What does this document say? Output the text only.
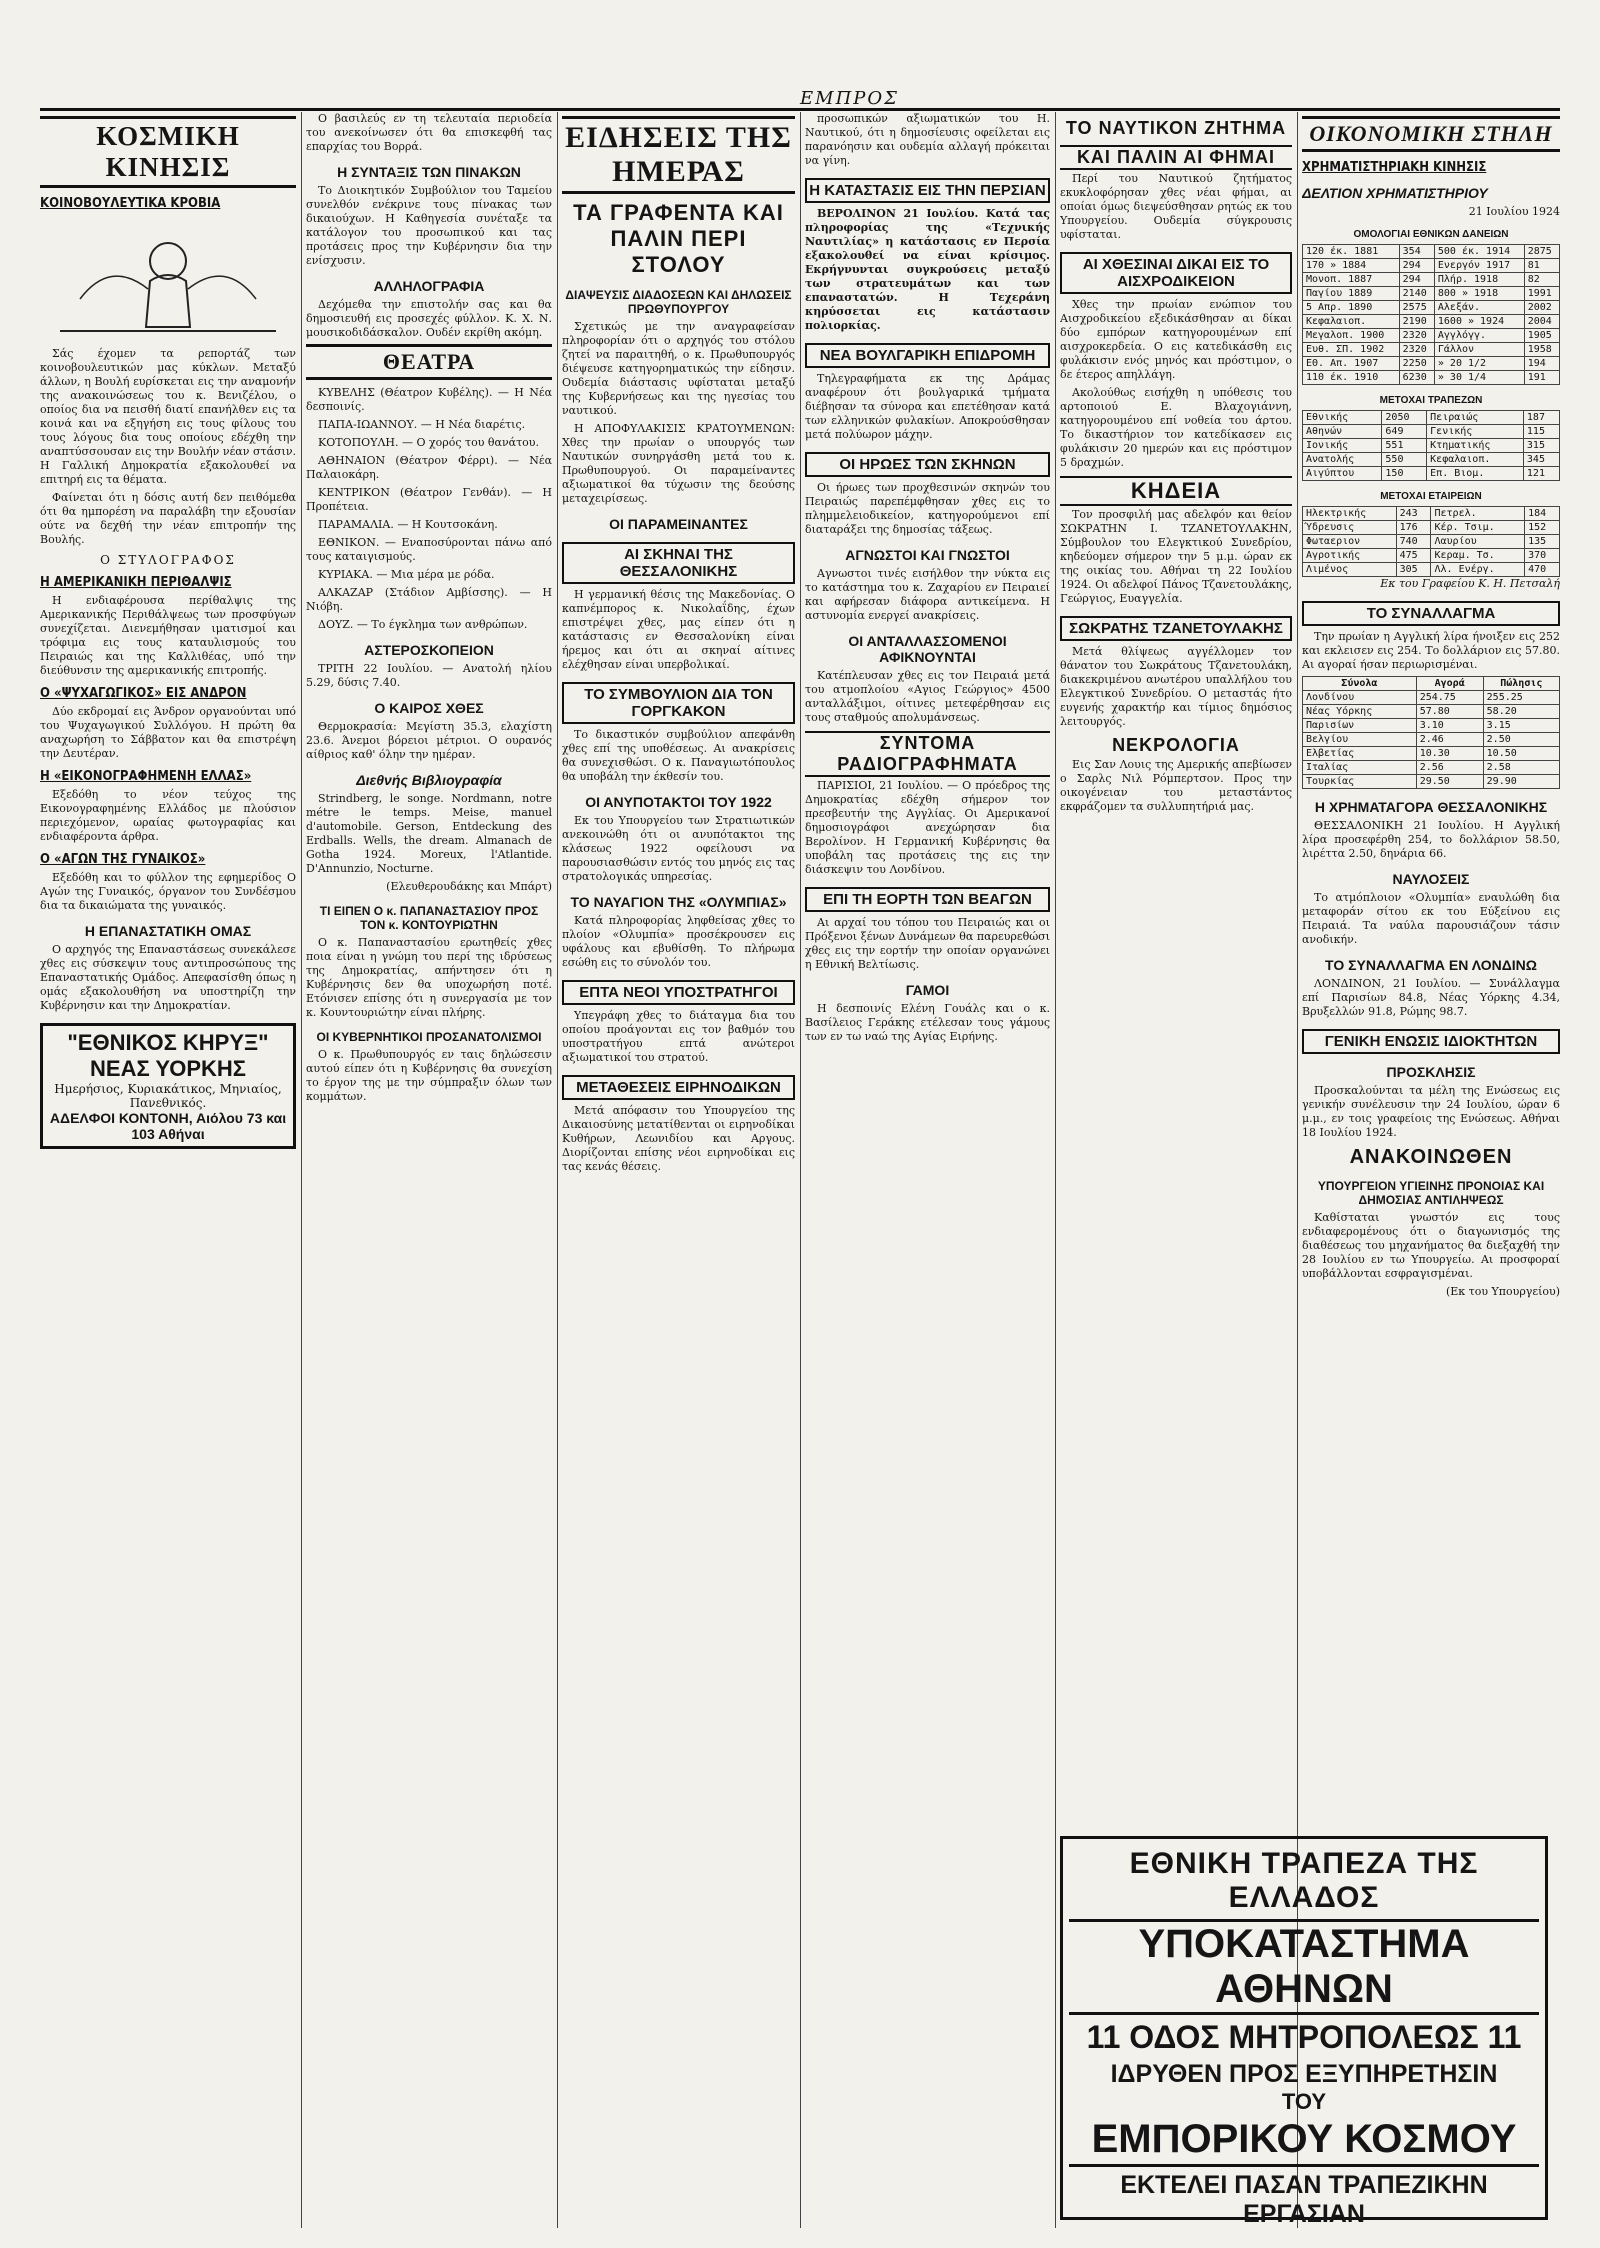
ΕΜΠΡΟΣ
ΚΟΣΜΙΚΗ ΚΙΝΗΣΙΣ
ΚΟΙΝΟΒΟΥΛΕΥΤΙΚΑ ΚΡΟΒΙΑ

Σάς έχομεν τα ρεπορτάζ των κοινοβουλευτικών μας κύκλων. Μεταξύ άλλων, η Βουλή ευρίσκεται εις την αναμονήν της ανακοινώσεως του κ. Βενιζέλου, ο οποίος δια να πεισθή διατί επανήλθεν εις τα κοινά και να εξηγήση εις τους φίλους του τους λόγους δια τους οποίους εδέχθη την αναπτύσσουσαν εις την Βουλήν νέαν στάσιν. Η Γαλλική Δημοκρατία εξακολουθεί να επιτηρή εις τα θέματα.

Φαίνεται ότι η δόσις αυτή δεν πειθόμεθα ότι θα ημπορέση να παραλάβη την εξουσίαν ούτε να δεχθή την νέαν επιτροπήν της Βουλής.

Ο ΣΤΥΛΟΓΡΑΦΟΣ
Η ΑΜΕΡΙΚΑΝΙΚΗ ΠΕΡΙΘΑΛΨΙΣ

Η ενδιαφέρουσα περίθαλψις της Αμερικανικής Περιθάλψεως των προσφύγων συνεχίζεται. Διενεμήθησαν ιματισμοί και τρόφιμα εις τους καταυλισμούς του Πειραιώς και της Καλλιθέας, υπό την διεύθυνσιν της αμερικανικής επιτροπής.

Ο «ΨΥΧΑΓΩΓΙΚΟΣ» ΕΙΣ ΑΝΔΡΟΝ

Δύο εκδρομαί εις Άνδρον οργανούνται υπό του Ψυχαγωγικού Συλλόγου. Η πρώτη θα αναχωρήση το Σάββατον και θα επιστρέψη την Δευτέραν.

Η «ΕΙΚΟΝΟΓΡΑΦΗΜΕΝΗ ΕΛΛΑΣ»

Εξεδόθη το νέον τεύχος της Εικονογραφημένης Ελλάδος με πλούσιον περιεχόμενον, ωραίας φωτογραφίας και ενδιαφέροντα άρθρα.

Ο «ΑΓΩΝ ΤΗΣ ΓΥΝΑΙΚΟΣ»

Εξεδόθη και το φύλλον της εφημερίδος Ο Αγών της Γυναικός, όργανον του Συνδέσμου δια τα δικαιώματα της γυναικός.

Η ΕΠΑΝΑΣΤΑΤΙΚΗ ΟΜΑΣ

Ο αρχηγός της Επαναστάσεως συνεκάλεσε χθες εις σύσκεψιν τους αντιπροσώπους της Επαναστατικής Ομάδος. Απεφασίσθη όπως η ομάς εξακολουθήση να υποστηρίζη την Κυβέρνησιν και την Δημοκρατίαν.

"ΕΘΝΙΚΟΣ ΚΗΡΥΞ" ΝΕΑΣ ΥΟΡΚΗΣ
Ημερήσιος, Κυριακάτικος, Μηνιαίος, Πανεθνικός.
ΑΔΕΛΦΟΙ ΚΟΝΤΟΝΗ, Αιόλου 73 και 103 Αθήναι

Ο βασιλεύς εν τη τελευταία περιοδεία του ανεκοίνωσεν ότι θα επισκεφθή τας επαρχίας του Βορρά.

Η ΣΥΝΤΑΞΙΣ ΤΩΝ ΠΙΝΑΚΩΝ

Το Διοικητικόν Συμβούλιον του Ταμείου συνελθόν ενέκρινε τους πίνακας των δικαιούχων. Η Καθηγεσία συνέταξε τα κατάλογον του προσωπικού και τας προτάσεις προς την Κυβέρνησιν δια την ενίσχυσιν.

ΑΛΛΗΛΟΓΡΑΦΙΑ

Δεχόμεθα την επιστολήν σας και θα δημοσιευθή εις προσεχές φύλλον. Κ. Χ. Ν. μουσικοδιδάσκαλον. Ουδέν εκρίθη ακόμη.

ΘΕΑΤΡΑ

ΚΥΒΕΛΗΣ (Θέατρον Κυβέλης). — Η Νέα δεσποινίς.

ΠΑΠΑ-ΙΩΑΝΝΟΥ. — Η Νέα διαρέτις.

ΚΟΤΟΠΟΥΛΗ. — Ο χορός του θανάτου.

ΑΘΗΝΑΙΟΝ (Θέατρον Φέρρι). — Νέα Παλαιοκάρη.

ΚΕΝΤΡΙΚΟΝ (Θέατρον Γενθάν). — Η Προπέτεια.

ΠΑΡΑΜΑΛΙΑ. — Η Κουτσοκάνη.

ΕΘΝΙΚΟΝ. — Εναποσύρονται πάνω από τους καταιγισμούς.

ΚΥΡΙΑΚΑ. — Μια μέρα με ρόδα.

ΑΛΚΑΖΑΡ (Στάδιον Αμβίσσης). — Η Νιόβη.

ΔΟΥΖ. — Το έγκλημα των ανθρώπων.

ΑΣΤΕΡΟΣΚΟΠΕΙΟΝ

ΤΡΙΤΗ 22 Ιουλίου. — Ανατολή ηλίου 5.29, δύσις 7.40.

Ο ΚΑΙΡΟΣ ΧΘΕΣ

Θερμοκρασία: Μεγίστη 35.3, ελαχίστη 23.6. Άνεμοι βόρειοι μέτριοι. Ο ουρανός αίθριος καθ' όλην την ημέραν.

Διεθνής Βιβλιογραφία

Strindberg, le songe. Nordmann, notre métre le temps. Meise, manuel d'automobile. Gerson, Entdeckung des Erdballs. Wells, the dream. Almanach de Gotha 1924. Moreux, l'Atlantide. D'Annunzio, Nocturne.

(Ελευθερουδάκης και Μπάρτ)

ΤΙ ΕΙΠΕΝ Ο κ. ΠΑΠΑΝΑΣΤΑΣΙΟΥ ΠΡΟΣ ΤΟΝ κ. ΚΟΝΤΟΥΡΙΩΤΗΝ

Ο κ. Παπαναστασίου ερωτηθείς χθες ποια είναι η γνώμη του περί της ιδρύσεως της Δημοκρατίας, απήντησεν ότι η Κυβέρνησις δεν θα υποχωρήση ποτέ. Ετόνισεν επίσης ότι η συνεργασία με τον κ. Κουντουριώτην είναι πλήρης.

ΟΙ ΚΥΒΕΡΝΗΤΙΚΟΙ ΠΡΟΣΑΝΑΤΟΛΙΣΜΟΙ

Ο κ. Πρωθυπουργός εν ταις δηλώσεσιν αυτού είπεν ότι η Κυβέρνησις θα συνεχίση το έργον της με την σύμπραξιν όλων των κομμάτων.

ΕΙΔΗΣΕΙΣ ΤΗΣ ΗΜΕΡΑΣ
ΤΑ ΓΡΑΦΕΝΤΑ ΚΑΙ ΠΑΛΙΝ ΠΕΡΙ ΣΤΟΛΟΥ
ΔΙΑΨΕΥΣΙΣ ΔΙΑΔΟΣΕΩΝ ΚΑΙ ΔΗΛΩΣΕΙΣ ΠΡΩΘΥΠΟΥΡΓΟΥ

Σχετικώς με την αναγραφείσαν πληροφορίαν ότι ο αρχηγός του στόλου ζητεί να παραιτηθή, ο κ. Πρωθυπουργός διέψευσε κατηγορηματικώς την είδησιν. Ουδεμία διάστασις υφίσταται μεταξύ της Κυβερνήσεως και της ηγεσίας του ναυτικού.

Η ΑΠΟΦΥΛΑΚΙΣΙΣ ΚΡΑΤΟΥΜΕΝΩΝ: Χθες την πρωίαν ο υπουργός των Ναυτικών συνηργάσθη μετά του κ. Πρωθυπουργού. Οι παραμείναντες αξιωματικοί θα τύχωσιν της δεούσης μεταχειρίσεως.

ΟΙ ΠΑΡΑΜΕΙΝΑΝΤΕΣ
ΑΙ ΣΚΗΝΑΙ ΤΗΣ ΘΕΣΣΑΛΟΝΙΚΗΣ

Η γερμανική θέσις της Μακεδονίας. Ο καπνέμπορος κ. Νικολαΐδης, έχων επιστρέψει χθες, μας είπεν ότι η κατάστασις εν Θεσσαλονίκη είναι ήρεμος και ότι αι σκηναί αίτινες ελέχθησαν είναι υπερβολικαί.

ΤΟ ΣΥΜΒΟΥΛΙΟΝ ΔΙΑ ΤΟΝ ΓΟΡΓΚΑΚΟΝ

Το δικαστικόν συμβούλιον απεφάνθη χθες επί της υποθέσεως. Αι ανακρίσεις θα συνεχισθώσι. Ο κ. Παναγιωτόπουλος θα υποβάλη την έκθεσίν του.

ΟΙ ΑΝΥΠΟΤΑΚΤΟΙ ΤΟΥ 1922

Εκ του Υπουργείου των Στρατιωτικών ανεκοινώθη ότι οι ανυπότακτοι της κλάσεως 1922 οφείλουσι να παρουσιασθώσιν εντός του μηνός εις τας στρατολογικάς υπηρεσίας.

ΤΟ ΝΑΥΑΓΙΟΝ ΤΗΣ «ΟΛΥΜΠΙΑΣ»

Κατά πληροφορίας ληφθείσας χθες το πλοίον «Ολυμπία» προσέκρουσεν εις υφάλους και εβυθίσθη. Το πλήρωμα εσώθη εις το σύνολόν του.

ΕΠΤΑ ΝΕΟΙ ΥΠΟΣΤΡΑΤΗΓΟΙ

Υπεγράφη χθες το διάταγμα δια του οποίου προάγονται εις τον βαθμόν του υποστρατήγου επτά ανώτεροι αξιωματικοί του στρατού.

ΜΕΤΑΘΕΣΕΙΣ ΕΙΡΗΝΟΔΙΚΩΝ

Μετά απόφασιν του Υπουργείου της Δικαιοσύνης μετατίθενται οι ειρηνοδίκαι Κυθήρων, Λεωνιδίου και Αργους. Διορίζονται επίσης νέοι ειρηνοδίκαι εις τας κενάς θέσεις.

προσωπικών αξιωματικών του Η. Ναυτικού, ότι η δημοσίευσις οφείλεται εις παρανόησιν και ουδεμία αλλαγή πρόκειται να γίνη.

Η ΚΑΤΑΣΤΑΣΙΣ ΕΙΣ ΤΗΝ ΠΕΡΣΙΑΝ

ΒΕΡΟΛΙΝΟΝ 21 Ιουλίου. Κατά τας πληροφορίας της «Τεχνικής Ναυτιλίας» η κατάστασις εν Περσία εξακολουθεί να είναι κρίσιμος. Εκρήγνυνται συγκρούσεις μεταξύ των στρατευμάτων και των επαναστατών. Η Τεχεράνη κηρύσσεται εις κατάστασιν πολιορκίας.

ΝΕΑ ΒΟΥΛΓΑΡΙΚΗ ΕΠΙΔΡΟΜΗ

Τηλεγραφήματα εκ της Δράμας αναφέρουν ότι βουλγαρικά τμήματα διέβησαν τα σύνορα και επετέθησαν κατά των ελληνικών φυλακίων. Αποκρούσθησαν μετά πολύωρον μάχην.

ΟΙ ΗΡΩΕΣ ΤΩΝ ΣΚΗΝΩΝ

Οι ήρωες των προχθεσινών σκηνών του Πειραιώς παρεπέμφθησαν χθες εις το πλημμελειοδικείον, κατηγορούμενοι επί διαταράξει της δημοσίας τάξεως.

ΑΓΝΩΣΤΟΙ ΚΑΙ ΓΝΩΣΤΟΙ

Αγνωστοι τινές εισήλθον την νύκτα εις το κατάστημα του κ. Ζαχαρίου εν Πειραιεί και αφήρεσαν διάφορα αντικείμενα. Η αστυνομία ενεργεί ανακρίσεις.

ΟΙ ΑΝΤΑΛΛΑΣΣΟΜΕΝΟΙ ΑΦΙΚΝΟΥΝΤΑΙ

Κατέπλευσαν χθες εις τον Πειραιά μετά του ατμοπλοίου «Αγιος Γεώργιος» 4500 ανταλλάξιμοι, οίτινες μετεφέρθησαν εις τους σταθμούς απολυμάνσεως.

ΣΥΝΤΟΜΑ ΡΑΔΙΟΓΡΑΦΗΜΑΤΑ

ΠΑΡΙΣΙΟΙ, 21 Ιουλίου. — Ο πρόεδρος της Δημοκρατίας εδέχθη σήμερον τον πρεσβευτήν της Αγγλίας. Οι Αμερικανοί δημοσιογράφοι ανεχώρησαν δια Βερολίνον. Η Γερμανική Κυβέρνησις θα υποβάλη τας προτάσεις της εις την διάσκεψιν του Λονδίνου.

ΕΠΙ ΤΗ ΕΟΡΤΗ ΤΩΝ ΒΕΑΓΩΝ

Αι αρχαί του τόπου του Πειραιώς και οι Πρόξενοι ξένων Δυνάμεων θα παρευρεθώσι χθες εις την εορτήν την οποίαν οργανώνει η Εθνική Βελτίωσις.

ΓΑΜΟΙ

Η δεσποινίς Ελένη Γουάλς και ο κ. Βασίλειος Γεράκης ετέλεσαν τους γάμους των εν τω ναώ της Αγίας Ειρήνης.

ΤΟ ΝΑΥΤΙΚΟΝ ΖΗΤΗΜΑ
ΚΑΙ ΠΑΛΙΝ ΑΙ ΦΗΜΑΙ

Περί του Ναυτικού ζητήματος εκυκλοφόρησαν χθες νέαι φήμαι, αι οποίαι όμως διεψεύσθησαν ρητώς εκ του Υπουργείου. Ουδεμία σύγκρουσις υφίσταται.

ΑΙ ΧΘΕΣΙΝΑΙ ΔΙΚΑΙ ΕΙΣ ΤΟ ΑΙΣΧΡΟΔΙΚΕΙΟΝ

Χθες την πρωίαν ενώπιον του Αισχροδικείου εξεδικάσθησαν αι δίκαι δύο εμπόρων κατηγορουμένων επί αισχροκερδεία. Ο εις κατεδικάσθη εις φυλάκισιν ενός μηνός και πρόστιμον, ο δε έτερος απηλλάγη.

Ακολούθως εισήχθη η υπόθεσις του αρτοποιού Ε. Βλαχογιάννη, κατηγορουμένου επί νοθεία του άρτου. Το δικαστήριον τον κατεδίκασεν εις φυλάκισιν 20 ημερών και εις πρόστιμον 5 δραχμών.

ΚΗΔΕΙΑ

Τον προσφιλή μας αδελφόν και θείον ΣΩΚΡΑΤΗΝ Ι. ΤΖΑΝΕΤΟΥΛΑΚΗΝ, Σύμβουλον του Ελεγκτικού Συνεδρίου, κηδεύομεν σήμερον την 5 μ.μ. ώραν εκ της οικίας του. Αθήναι τη 22 Ιουλίου 1924. Οι αδελφοί Πάνος Τζανετουλάκης, Γεώργιος, Ευαγγελία.

ΣΩΚΡΑΤΗΣ ΤΖΑΝΕΤΟΥΛΑΚΗΣ

Μετά θλίψεως αγγέλλομεν τον θάνατον του Σωκράτους Τζανετουλάκη, διακεκριμένου ανωτέρου υπαλλήλου του Ελεγκτικού Συνεδρίου. Ο μεταστάς ήτο ευγενής χαρακτήρ και τίμιος δημόσιος λειτουργός.

ΝΕΚΡΟΛΟΓΙΑ

Εις Σαν Λουις της Αμερικής απεβίωσεν ο Σαρλς Νιλ Ρόμπερτσον. Προς την οικογένειαν του μεταστάντος εκφράζομεν τα συλλυπητήριά μας.

ΟΙΚΟΝΟΜΙΚΗ ΣΤΗΛΗ
ΧΡΗΜΑΤΙΣΤΗΡΙΑΚΗ ΚΙΝΗΣΙΣ
ΔΕΛΤΙΟΝ ΧΡΗΜΑΤΙΣΤΗΡΙΟΥ

21 Ιουλίου 1924

ΟΜΟΛΟΓΙΑΙ ΕΘΝΙΚΩΝ ΔΑΝΕΙΩΝ
120 έκ. 1881	354	500 έκ. 1914	2875
170 » 1884	294	Ενεργόν 1917	81
Μονοπ. 1887	294	Πλήρ. 1918	82
Παγίου 1889	2140	800 » 1918	1991
5 Απρ. 1890	2575	Αλεξάν.	2002
Κεφαλαιοπ.	2190	1600 » 1924	2004
Μεγαλοπ. 1900	2320	Αγγλόγγ.	1905
Ευθ. ΣΠ. 1902	2320	Γάλλον	1958
ΕΘ. Απ. 1907	2250	» 20 1/2	194
110 έκ. 1910	6230	» 30 1/4	191
ΜΕΤΟΧΑΙ ΤΡΑΠΕΖΩΝ
Εθνικής	2050	Πειραιώς	187
Αθηνών	649	Γενικής	115
Ιονικής	551	Κτηματικής	315
Ανατολής	550	Κεφαλαιοπ.	345
Αιγύπτου	150	Επ. Βιομ.	121
ΜΕΤΟΧΑΙ ΕΤΑΙΡΕΙΩΝ
Ηλεκτρικής	243	Πετρελ.	184
Ύδρευσις	176	Κέρ. Τσιμ.	152
Φωταεριον	740	Λαυρίου	135
Αγροτικής	475	Κεραμ. Τσ.	370
Λιμένος	305	Λλ. Ενέργ.	470

Εκ του Γραφείου Κ. Η. Πετσαλή

ΤΟ ΣΥΝΑΛΛΑΓΜΑ

Την πρωίαν η Αγγλική λίρα ήνοιξεν εις 252 και εκλεισεν εις 254. Το δολλάριον εις 57.80. Αι αγοραί ήσαν περιωρισμέναι.

Σύνολα	Αγορά	Πώλησις
Λονδίνου	254.75	255.25
Νέας Υόρκης	57.80	58.20
Παρισίων	3.10	3.15
Βελγίου	2.46	2.50
Ελβετίας	10.30	10.50
Ιταλίας	2.56	2.58
Τουρκίας	29.50	29.90
Η ΧΡΗΜΑΤΑΓΟΡΑ ΘΕΣΣΑΛΟΝΙΚΗΣ

ΘΕΣΣΑΛΟΝΙΚΗ 21 Ιουλίου. Η Αγγλική λίρα προσεφέρθη 254, το δολλάριον 58.50, λιρέττα 2.50, δηνάρια 66.

ΝΑΥΛΟΣΕΙΣ

Το ατμόπλοιον «Ολυμπία» εναυλώθη δια μεταφοράν σίτου εκ του Εύξείνου εις Πειραιά. Τα ναύλα παρουσιάζουν τάσιν ανοδικήν.

ΤΟ ΣΥΝΑΛΛΑΓΜΑ ΕΝ ΛΟΝΔΙΝΩ

ΛΟΝΔΙΝΟΝ, 21 Ιουλίου. — Συνάλλαγμα επί Παρισίων 84.8, Νέας Υόρκης 4.34, Βρυξελλών 91.8, Ρώμης 98.7.

ΓΕΝΙΚΗ ΕΝΩΣΙΣ ΙΔΙΟΚΤΗΤΩΝ
ΠΡΟΣΚΛΗΣΙΣ

Προσκαλούνται τα μέλη της Ενώσεως εις γενικήν συνέλευσιν την 24 Ιουλίου, ώραν 6 μ.μ., εν τοις γραφείοις της Ενώσεως. Αθήναι 18 Ιουλίου 1924.

ΑΝΑΚΟΙΝΩΘΕΝ
ΥΠΟΥΡΓΕΙΟΝ ΥΓΙΕΙΝΗΣ ΠΡΟΝΟΙΑΣ ΚΑΙ ΔΗΜΟΣΙΑΣ ΑΝΤΙΛΗΨΕΩΣ

Καθίσταται γνωστόν εις τους ενδιαφερομένους ότι ο διαγωνισμός της διαθέσεως του μηχανήματος θα διεξαχθή την 28 Ιουλίου εν τω Υπουργείω. Αι προσφοραί υποβάλλονται εσφραγισμέναι.

(Εκ του Υπουργείου)

ΕΘΝΙΚΗ ΤΡΑΠΕΖΑ ΤΗΣ ΕΛΛΑΔΟΣ
ΥΠΟΚΑΤΑΣΤΗΜΑ ΑΘΗΝΩΝ
11 ΟΔΟΣ ΜΗΤΡΟΠΟΛΕΩΣ 11
ΙΔΡΥΘΕΝ ΠΡΟΣ ΕΞΥΠΗΡΕΤΗΣΙΝ
ΤΟΥ
ΕΜΠΟΡΙΚΟΥ ΚΟΣΜΟΥ
ΕΚΤΕΛΕΙ ΠΑΣΑΝ ΤΡΑΠΕΖΙΚΗΝ ΕΡΓΑΣΙΑΝ
